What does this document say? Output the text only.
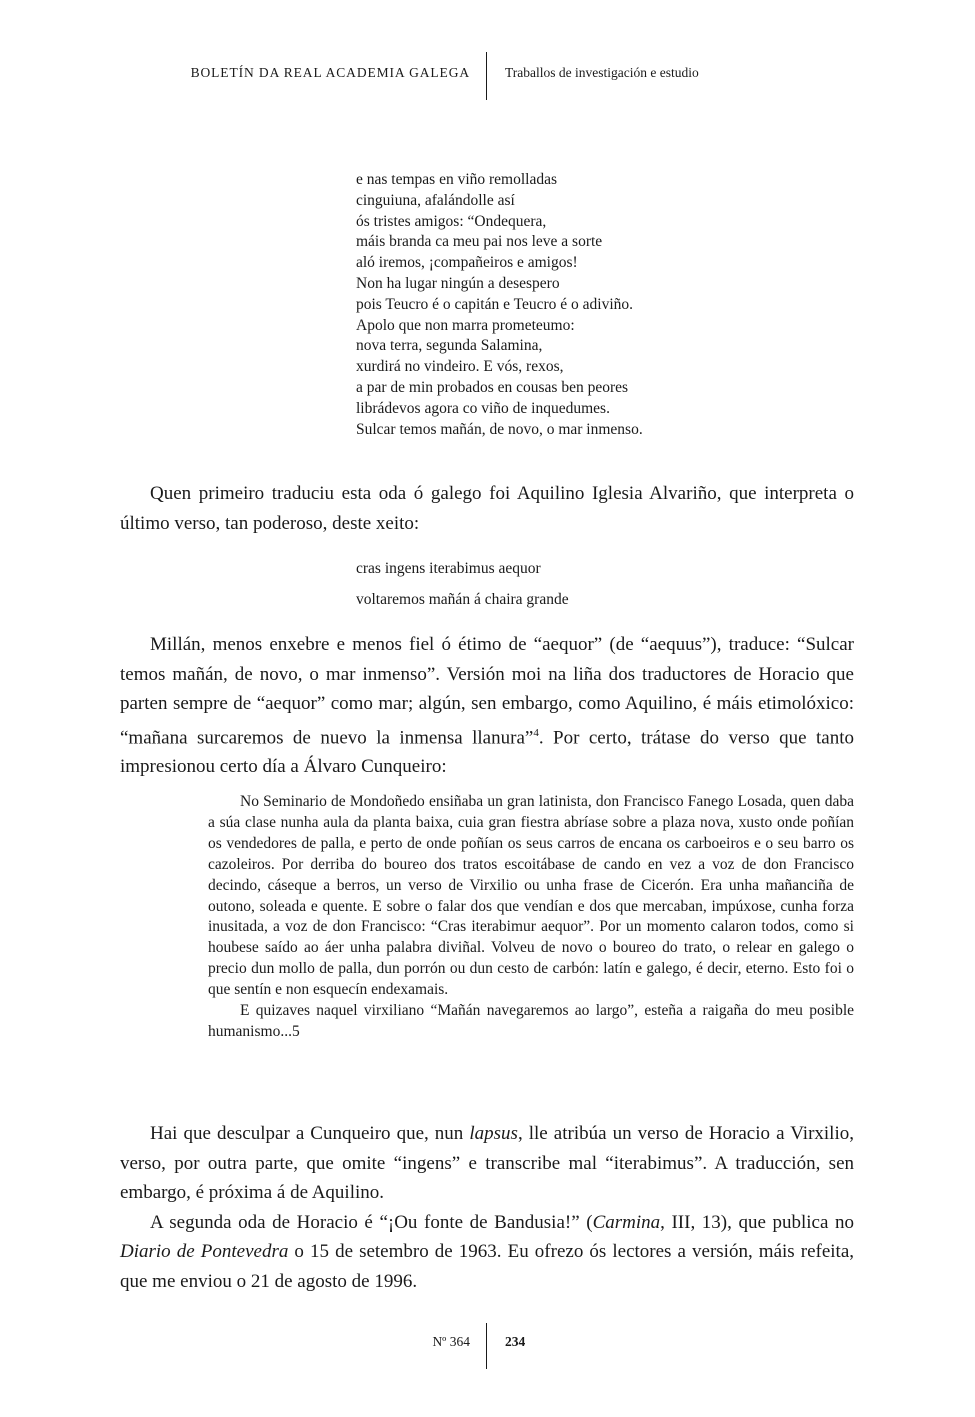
BOLETÍN DA REAL ACADEMIA GALEGA	Traballos de investigación e estudio
e nas tempas en viño remolladas
cinguiuna, afalándolle así
ós tristes amigos: “Ondequera,
máis branda ca meu pai nos leve a sorte
aló iremos, ¡compañeiros e amigos!
Non ha lugar ningún a desespero
pois Teucro é o capitán e Teucro é o adiviño.
Apolo que non marra prometeumo:
nova terra, segunda Salamina,
xurdirá no vindeiro. E vós, rexos,
a par de min probados en cousas ben peores
librádevos agora co viño de inquedumes.
Sulcar temos mañán, de novo, o mar inmenso.

Quen primeiro traduciu esta oda ó galego foi Aquilino Iglesia Alvariño, que interpreta o último verso, tan poderoso, deste xeito:

cras ingens iterabimus aequor
voltaremos mañán á chaira grande

Millán, menos enxebre e menos fiel ó étimo de “aequor” (de “aequus”), traduce: “Sulcar temos mañán, de novo, o mar inmenso”. Versión moi na liña dos traductores de Horacio que parten sempre de “aequor” como mar; algún, sen embargo, como Aquilino, é máis etimolóxico: “mañana surcaremos de nuevo la inmensa llanura”$^4$. Por certo, trátase do verso que tanto impresionou certo día a Álvaro Cunqueiro:

No Seminario de Mondoñedo ensiñaba un gran latinista, don Francisco Fanego Losada, quen daba a súa clase nunha aula da planta baixa, cuia gran fiestra abríase sobre a plaza nova, xusto onde poñían os vendedores de palla, e perto de onde poñían os seus carros de encana os carboeiros e o seu barro os cazoleiros. Por derriba do boureo dos tratos escoitábase de cando en vez a voz de don Francisco decindo, cáseque a berros, un verso de Virxilio ou unha frase de Cicerón. Era unha mañanciña de outono, soleada e quente. E sobre o falar dos que vendían e dos que mercaban, impúxose, cunha forza inusitada, a voz de don Francisco: “Cras iterabimur aequor”. Por un momento calaron todos, como si houbese saído ao áer unha palabra diviñal. Volveu de novo o boureo do trato, o relear en galego o precio dun mollo de palla, dun porrón ou dun cesto de carbón: latín e galego, é decir, eterno. Esto foi o que sentín e non esquecín endexamais.

E quizaves naquel virxiliano “Mañán navegaremos ao largo”, esteña a raigaña do meu posible humanismo...5

Hai que desculpar a Cunqueiro que, nun lapsus, lle atribúa un verso de Horacio a Virxilio, verso, por outra parte, que omite “ingens” e transcribe mal “iterabimus”. A traducción, sen embargo, é próxima á de Aquilino.

A segunda oda de Horacio é “¡Ou fonte de Bandusia!” (Carmina, III, 13), que publica no Diario de Pontevedra o 15 de setembro de 1963. Eu ofrezo ós lectores a versión, máis refeita, que me enviou o 21 de agosto de 1996.

Nº 364	234
